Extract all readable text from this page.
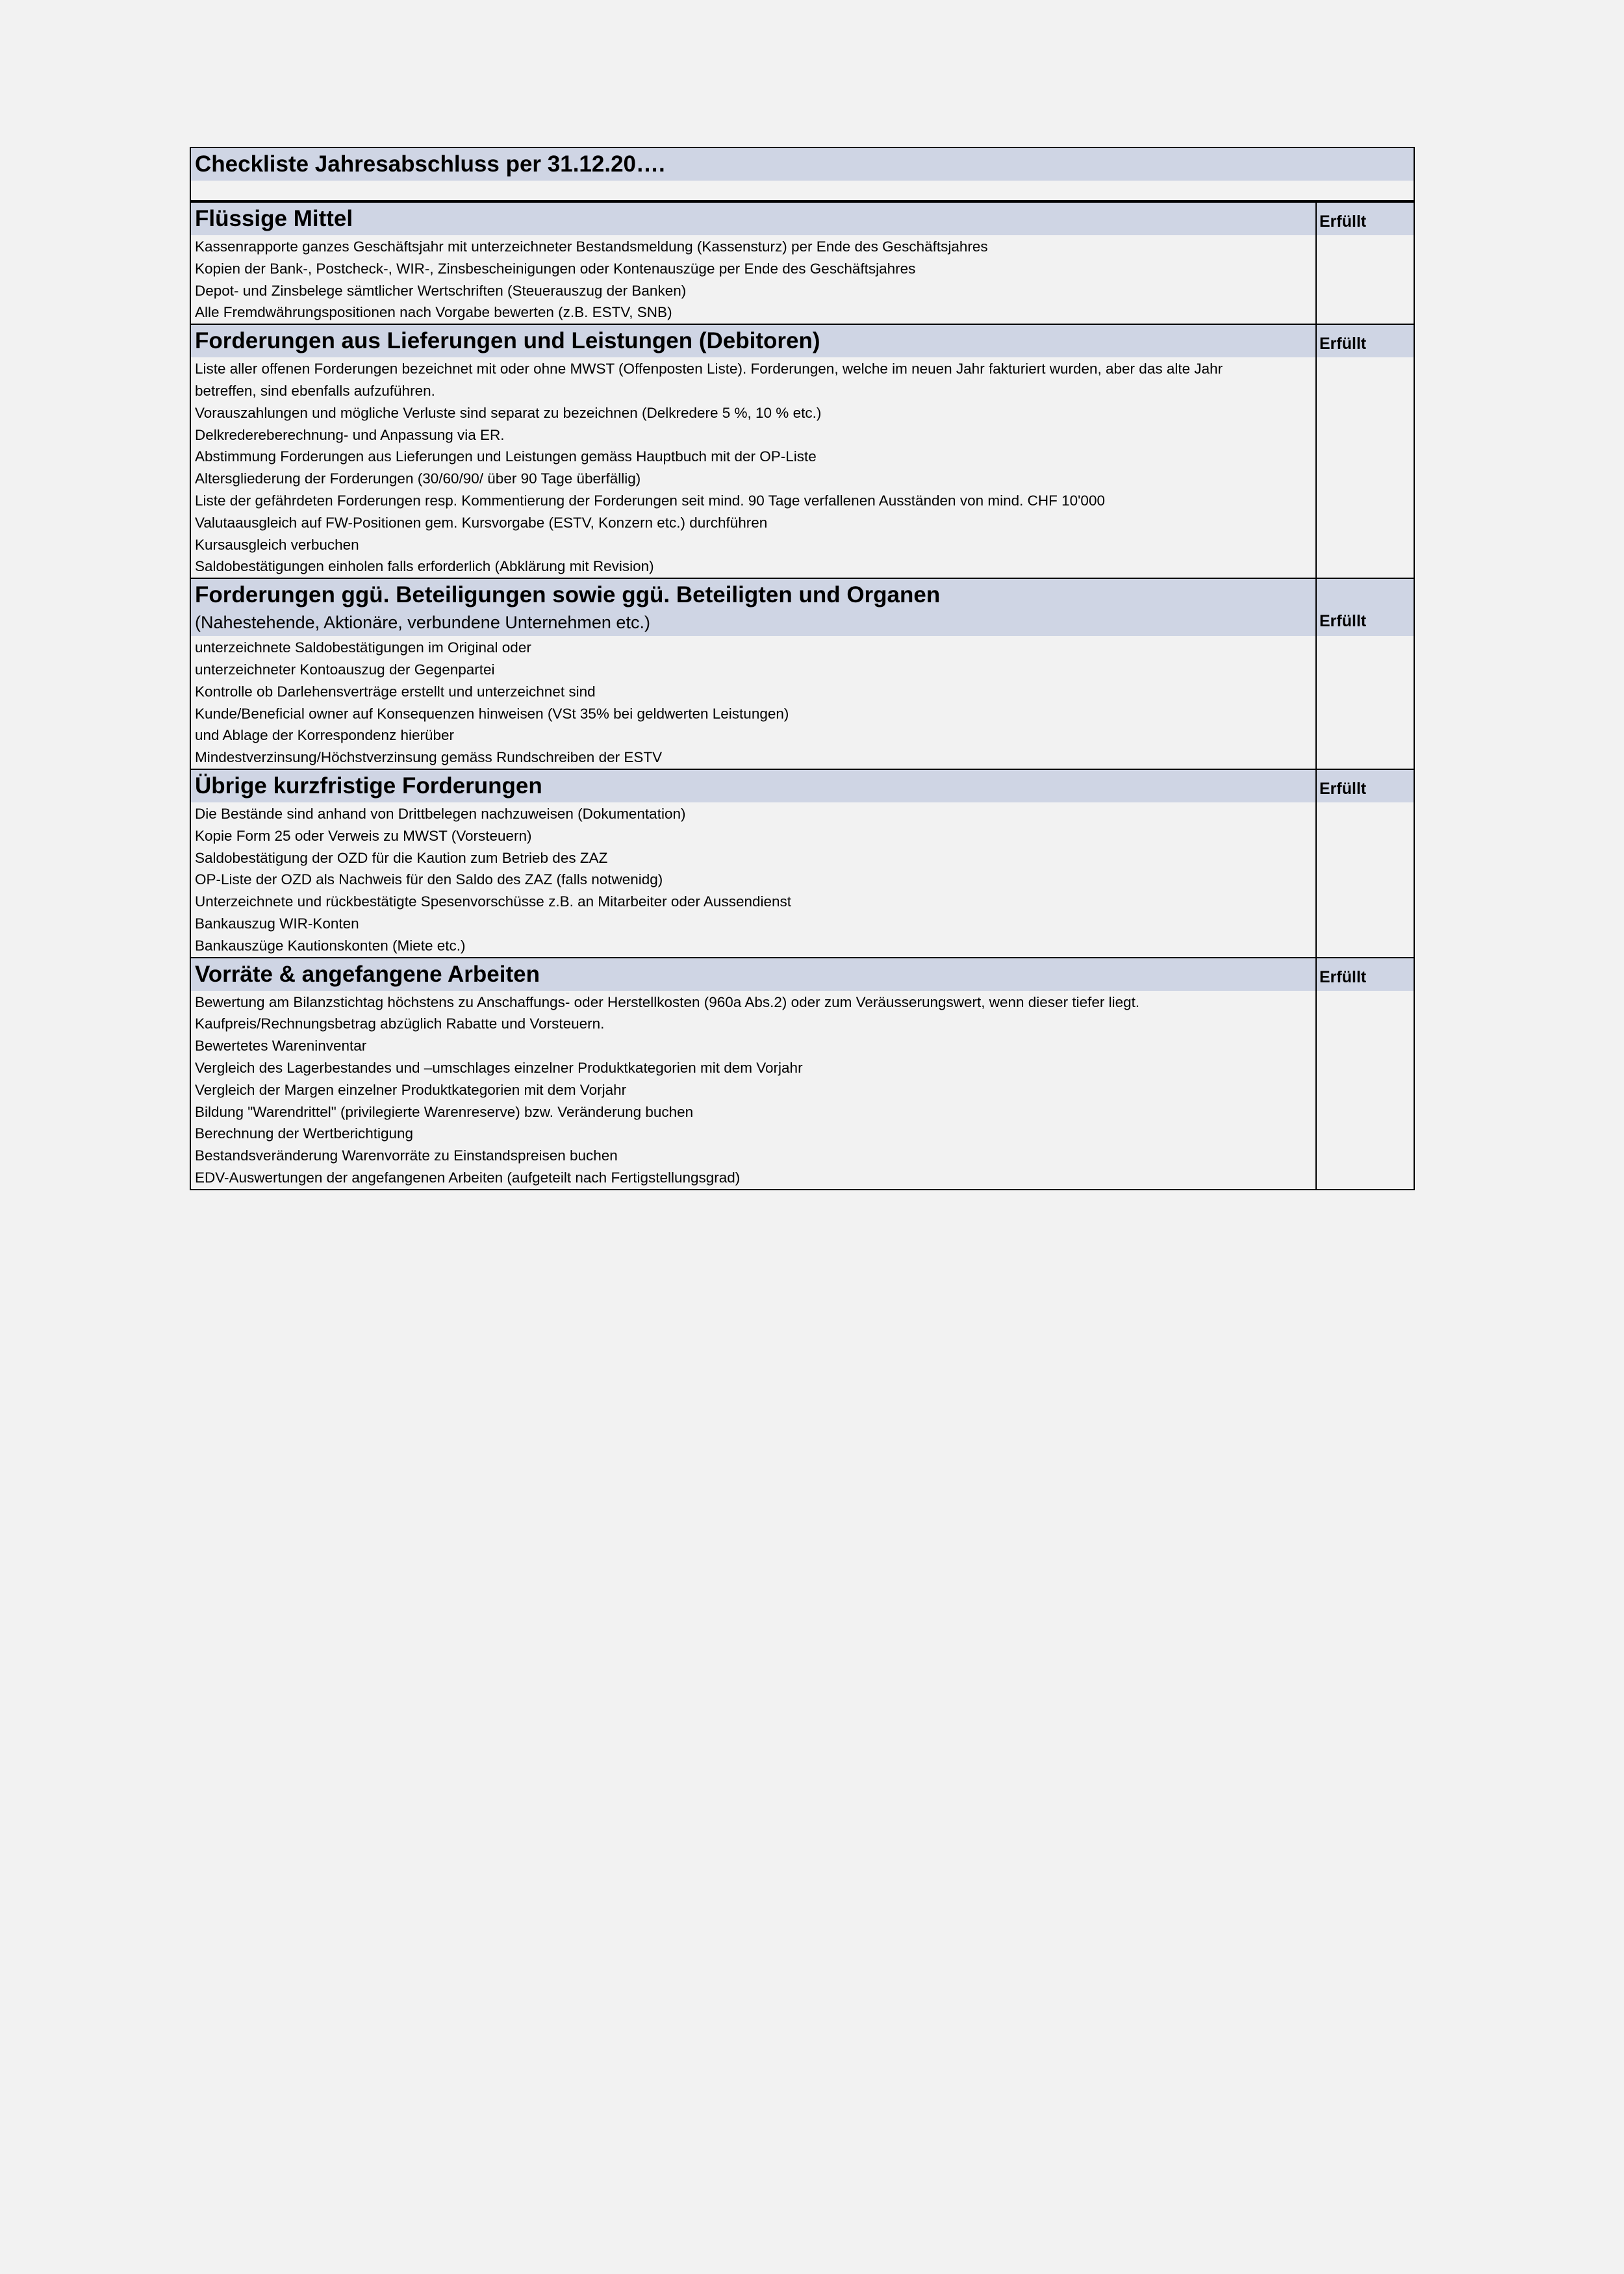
Checkliste Jahresabschluss per 31.12.20….
Flüssige Mittel
Kassenrapporte ganzes Geschäftsjahr mit unterzeichneter Bestandsmeldung (Kassensturz) per Ende des Geschäftsjahres
Kopien der Bank-, Postcheck-, WIR-, Zinsbescheinigungen oder Kontenauszüge per Ende des Geschäftsjahres
Depot- und Zinsbelege sämtlicher Wertschriften (Steuerauszug der Banken)
Alle Fremdwährungspositionen nach Vorgabe bewerten (z.B. ESTV, SNB)
Erfüllt
Forderungen aus Lieferungen und Leistungen (Debitoren)
Liste aller offenen Forderungen bezeichnet mit oder ohne MWST (Offenposten Liste). Forderungen, welche im neuen Jahr fakturiert wurden, aber das alte Jahr
betreffen, sind ebenfalls aufzuführen.
Vorauszahlungen und mögliche Verluste sind separat zu bezeichnen (Delkredere 5 %, 10 % etc.)
Delkredereberechnung- und Anpassung via ER.
Abstimmung Forderungen aus Lieferungen und Leistungen gemäss Hauptbuch mit der OP-Liste
Altersgliederung der Forderungen (30/60/90/ über 90 Tage überfällig)
Liste der gefährdeten Forderungen resp. Kommentierung der Forderungen seit mind. 90 Tage verfallenen Ausständen von mind. CHF 10'000
Valutaausgleich auf FW-Positionen gem. Kursvorgabe (ESTV, Konzern etc.) durchführen
Kursausgleich verbuchen
Saldobestätigungen einholen falls erforderlich (Abklärung mit Revision)
Erfüllt
Forderungen ggü. Beteiligungen sowie ggü. Beteiligten und Organen
(Nahestehende, Aktionäre, verbundene Unternehmen etc.)
unterzeichnete Saldobestätigungen im Original oder
unterzeichneter Kontoauszug der Gegenpartei
Kontrolle ob Darlehensverträge erstellt und unterzeichnet sind
Kunde/Beneficial owner auf Konsequenzen hinweisen (VSt 35% bei geldwerten Leistungen)
und Ablage der Korrespondenz hierüber
Mindestverzinsung/Höchstverzinsung gemäss Rundschreiben der ESTV
Erfüllt
Übrige kurzfristige Forderungen
Die Bestände sind anhand von Drittbelegen nachzuweisen (Dokumentation)
Kopie Form 25 oder Verweis zu MWST (Vorsteuern)
Saldobestätigung der OZD für die Kaution zum Betrieb des ZAZ
OP-Liste der OZD als Nachweis für den Saldo des ZAZ (falls notwenidg)
Unterzeichnete und rückbestätigte Spesenvorschüsse z.B. an Mitarbeiter oder Aussendienst
Bankauszug WIR-Konten
Bankauszüge Kautionskonten (Miete etc.)
Erfüllt
Vorräte & angefangene Arbeiten
Bewertung am Bilanzstichtag höchstens zu Anschaffungs- oder Herstellkosten (960a Abs.2) oder zum Veräusserungswert, wenn dieser tiefer liegt.
Kaufpreis/Rechnungsbetrag abzüglich Rabatte und Vorsteuern.
Bewertetes Wareninventar
Vergleich des Lagerbestandes und –umschlages einzelner Produktkategorien mit dem Vorjahr
Vergleich der Margen einzelner Produktkategorien mit dem Vorjahr
Bildung "Warendrittel" (privilegierte Warenreserve) bzw. Veränderung buchen
Berechnung der Wertberichtigung
Bestandsveränderung Warenvorräte zu Einstandspreisen buchen
EDV-Auswertungen der angefangenen Arbeiten (aufgeteilt nach Fertigstellungsgrad)
Erfüllt
